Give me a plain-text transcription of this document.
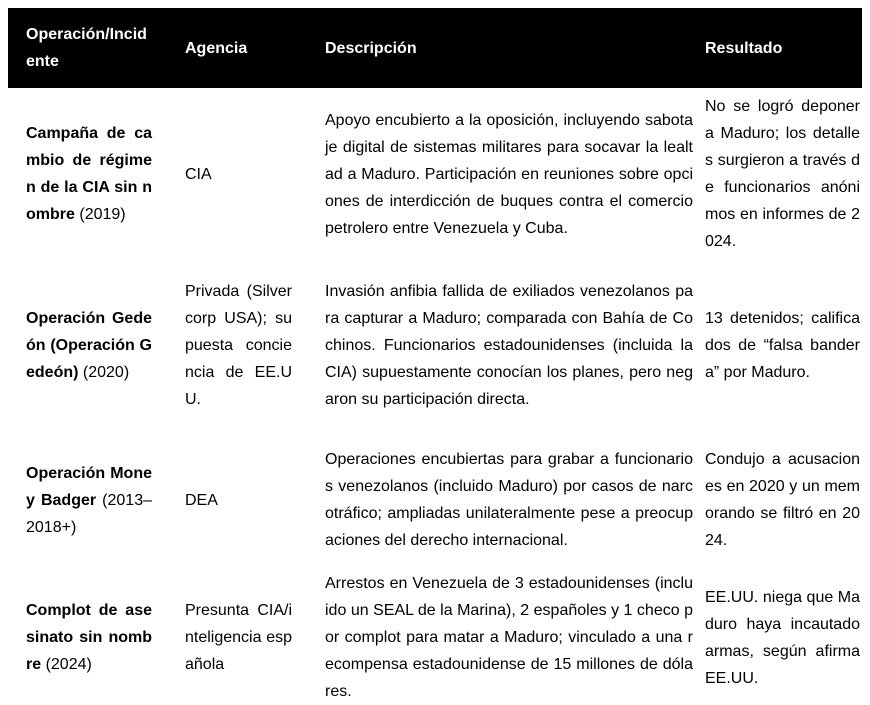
Operación/Incidente
Agencia	Descripción	Resultado
Campaña de cambio de régimen de la CIA sin nombre (2019)
CIA
Apoyo encubierto a la oposición, incluyendo sabotaje digital de sistemas militares para socavar la lealtad a Maduro. Participación en reuniones sobre opciones de interdicción de buques contra el comercio petrolero entre Venezuela y Cuba.
No se logró deponer a Maduro; los detalles surgieron a través de funcionarios anónimos en informes de 2024.
Operación Gedeón (Operación Gedeón) (2020)
Privada (Silvercorp USA); supuesta conciencia de EE.UU.
Invasión anfibia fallida de exiliados venezolanos para capturar a Maduro; comparada con Bahía de Cochinos. Funcionarios estadounidenses (incluida la CIA) supuestamente conocían los planes, pero negaron su participación directa.
13 detenidos; calificados de “falsa bandera” por Maduro.
Operación Money Badger (2013–2018+)
DEA
Operaciones encubiertas para grabar a funcionarios venezolanos (incluido Maduro) por casos de narcotráfico; ampliadas unilateralmente pese a preocupaciones del derecho internacional.
Condujo a acusaciones en 2020 y un memorando se filtró en 2024.
Complot de asesinato sin nombre (2024)
Presunta CIA/inteligencia española
Arrestos en Venezuela de 3 estadounidenses (incluido un SEAL de la Marina), 2 españoles y 1 checo por complot para matar a Maduro; vinculado a una recompensa estadounidense de 15 millones de dólares.
EE.UU. niega que Maduro haya incautado armas, según afirma EE.UU.
